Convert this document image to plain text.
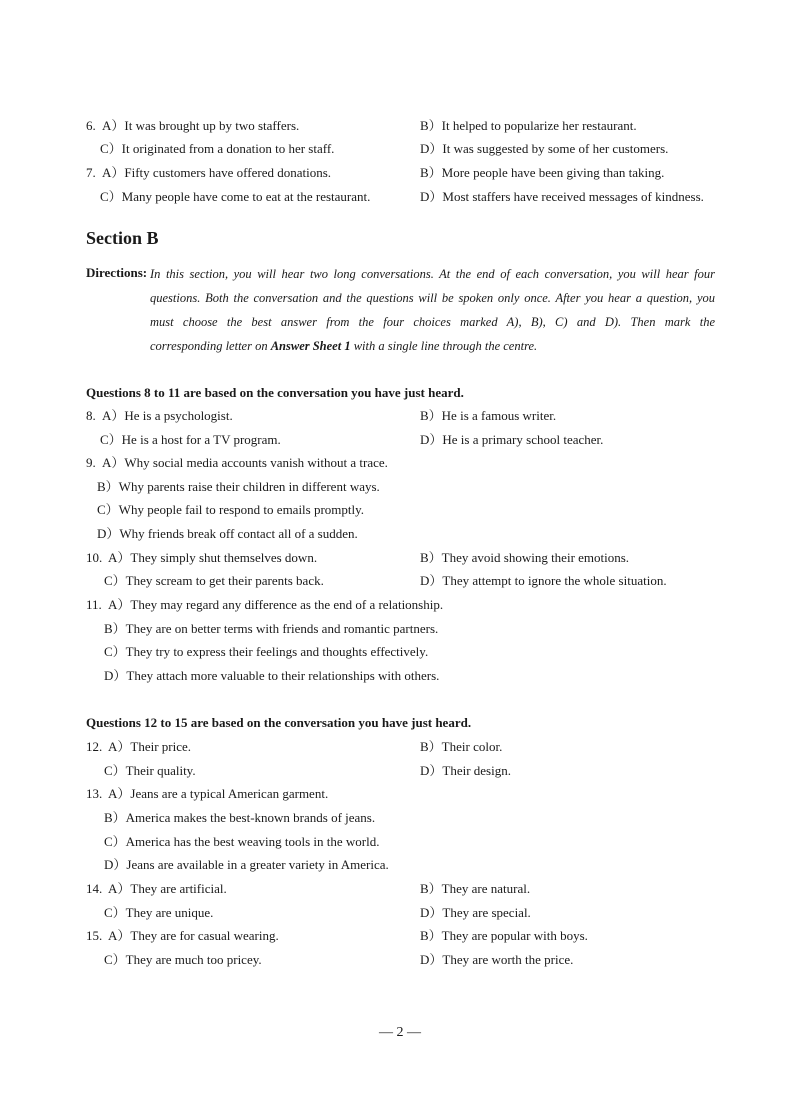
6. A）It was brought up by two staffers.	B）It helped to popularize her restaurant.
C）It originated from a donation to her staff.	D）It was suggested by some of her customers.
7. A）Fifty customers have offered donations.	B）More people have been giving than taking.
C）Many people have come to eat at the restaurant.	D）Most staffers have received messages of kindness.
Section B
Directions: In this section, you will hear two long conversations. At the end of each conversation, you will hear four
questions. Both the conversation and the questions will be spoken only once. After you hear a question, you
must choose the best answer from the four choices marked A), B), C) and D). Then mark the
corresponding letter on Answer Sheet 1 with a single line through the centre.
Questions 8 to 11 are based on the conversation you have just heard.
8. A）He is a psychologist.	B）He is a famous writer.
C）He is a host for a TV program.	D）He is a primary school teacher.
9. A）Why social media accounts vanish without a trace.
B）Why parents raise their children in different ways.
C）Why people fail to respond to emails promptly.
D）Why friends break off contact all of a sudden.
10. A）They simply shut themselves down.	B）They avoid showing their emotions.
C）They scream to get their parents back.	D）They attempt to ignore the whole situation.
11. A）They may regard any difference as the end of a relationship.
B）They are on better terms with friends and romantic partners.
C）They try to express their feelings and thoughts effectively.
D）They attach more valuable to their relationships with others.
Questions 12 to 15 are based on the conversation you have just heard.
12. A）Their price.	B）Their color.
C）Their quality.	D）Their design.
13. A）Jeans are a typical American garment.
B）America makes the best-known brands of jeans.
C）America has the best weaving tools in the world.
D）Jeans are available in a greater variety in America.
14. A）They are artificial.	B）They are natural.
C）They are unique.	D）They are special.
15. A）They are for casual wearing.	B）They are popular with boys.
C）They are much too pricey.	D）They are worth the price.
— 2 —
